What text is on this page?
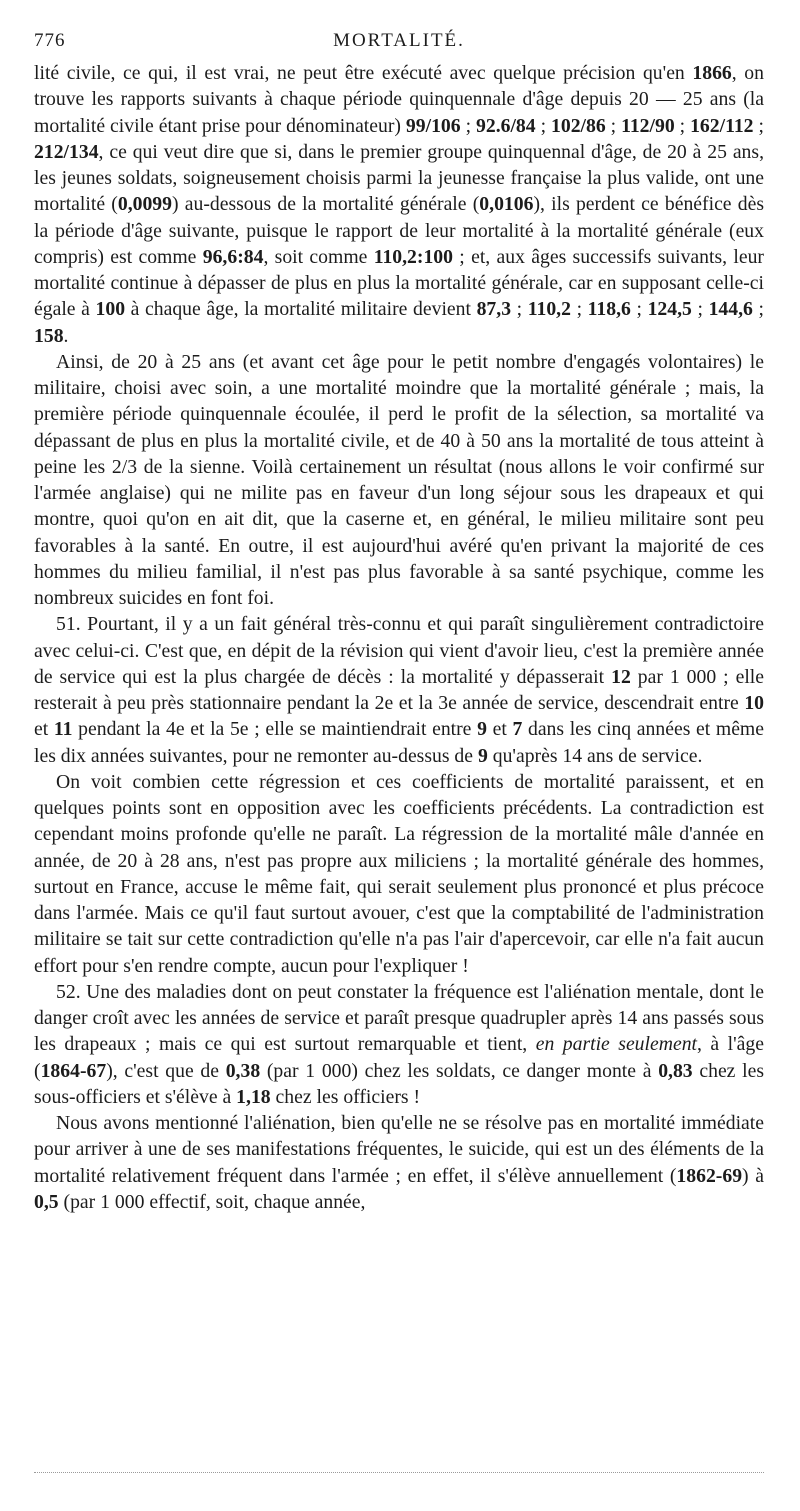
776	MORTALITÉ.

lité civile, ce qui, il est vrai, ne peut être exécuté avec quelque précision qu'en 1866, on trouve les rapports suivants à chaque période quinquennale d'âge depuis 20 — 25 ans (la mortalité civile étant prise pour dénominateur) 99/106 ; 92.6/84 ; 102/86 ; 112/90 ; 162/112 ; 212/134, ce qui veut dire que si, dans le premier groupe quinquennal d'âge, de 20 à 25 ans, les jeunes soldats, soigneusement choisis parmi la jeunesse française la plus valide, ont une mortalité (0,0099) au-dessous de la mortalité générale (0,0106), ils perdent ce bénéfice dès la période d'âge suivante, puisque le rapport de leur mortalité à la mortalité générale (eux compris) est comme 96,6:84, soit comme 110,2:100 ; et, aux âges successifs suivants, leur mortalité continue à dépasser de plus en plus la mortalité générale, car en supposant celle-ci égale à 100 à chaque âge, la mortalité militaire devient 87,3 ; 110,2 ; 118,6 ; 124,5 ; 144,6 ; 158.

Ainsi, de 20 à 25 ans (et avant cet âge pour le petit nombre d'engagés volontaires) le militaire, choisi avec soin, a une mortalité moindre que la mortalité générale ; mais, la première période quinquennale écoulée, il perd le profit de la sélection, sa mortalité va dépassant de plus en plus la mortalité civile, et de 40 à 50 ans la mortalité de tous atteint à peine les 2/3 de la sienne. Voilà certainement un résultat (nous allons le voir confirmé sur l'armée anglaise) qui ne milite pas en faveur d'un long séjour sous les drapeaux et qui montre, quoi qu'on en ait dit, que la caserne et, en général, le milieu militaire sont peu favorables à la santé. En outre, il est aujourd'hui avéré qu'en privant la majorité de ces hommes du milieu familial, il n'est pas plus favorable à sa santé psychique, comme les nombreux suicides en font foi.

51. Pourtant, il y a un fait général très-connu et qui paraît singulièrement contradictoire avec celui-ci. C'est que, en dépit de la révision qui vient d'avoir lieu, c'est la première année de service qui est la plus chargée de décès : la mortalité y dépasserait 12 par 1 000 ; elle resterait à peu près stationnaire pendant la 2e et la 3e année de service, descendrait entre 10 et 11 pendant la 4e et la 5e ; elle se maintiendrait entre 9 et 7 dans les cinq années et même les dix années suivantes, pour ne remonter au-dessus de 9 qu'après 14 ans de service.

On voit combien cette régression et ces coefficients de mortalité paraissent, et en quelques points sont en opposition avec les coefficients précédents. La contradiction est cependant moins profonde qu'elle ne paraît. La régression de la mortalité mâle d'année en année, de 20 à 28 ans, n'est pas propre aux miliciens ; la mortalité générale des hommes, surtout en France, accuse le même fait, qui serait seulement plus prononcé et plus précoce dans l'armée. Mais ce qu'il faut surtout avouer, c'est que la comptabilité de l'administration militaire se tait sur cette contradiction qu'elle n'a pas l'air d'apercevoir, car elle n'a fait aucun effort pour s'en rendre compte, aucun pour l'expliquer !

52. Une des maladies dont on peut constater la fréquence est l'aliénation mentale, dont le danger croît avec les années de service et paraît presque quadrupler après 14 ans passés sous les drapeaux ; mais ce qui est surtout remarquable et tient, en partie seulement, à l'âge (1864-67), c'est que de 0,38 (par 1 000) chez les soldats, ce danger monte à 0,83 chez les sous-officiers et s'élève à 1,18 chez les officiers !

Nous avons mentionné l'aliénation, bien qu'elle ne se résolve pas en mortalité immédiate pour arriver à une de ses manifestations fréquentes, le suicide, qui est un des éléments de la mortalité relativement fréquent dans l'armée ; en effet, il s'élève annuellement (1862-69) à 0,5 (par 1 000 effectif, soit, chaque année,
